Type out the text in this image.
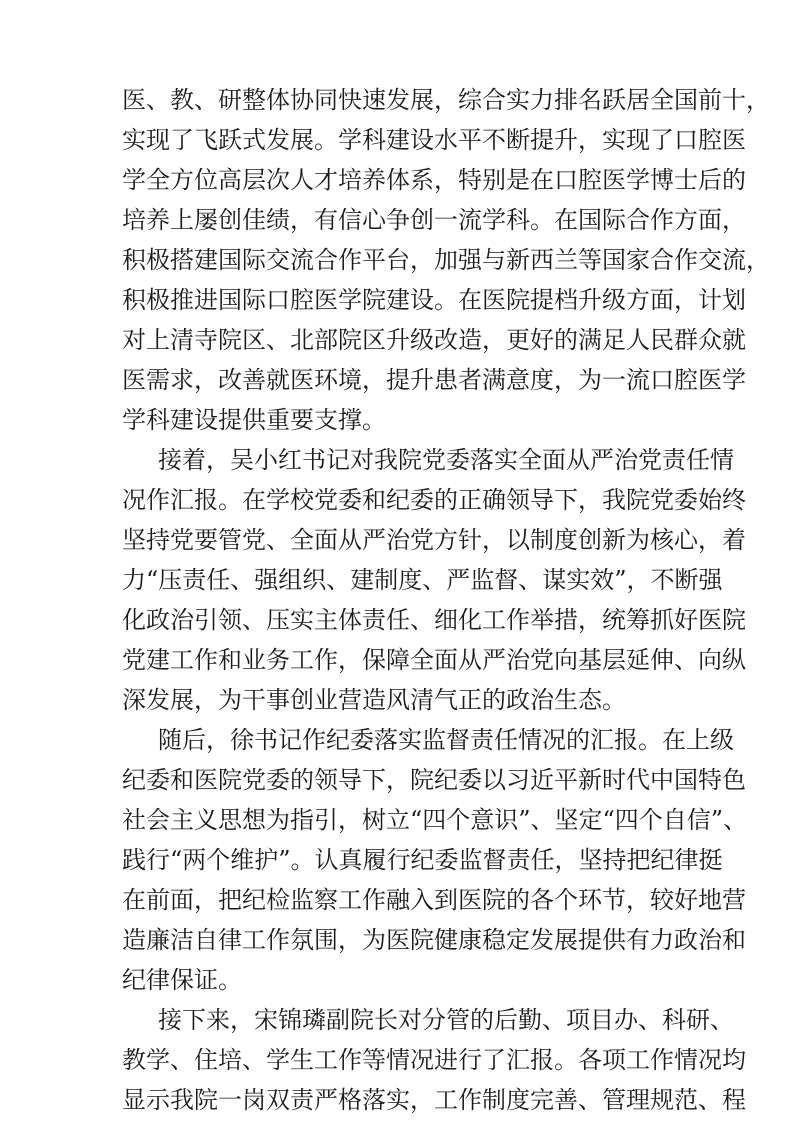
医、教、研整体协同快速发展，综合实力排名跃居全国前十，
实现了飞跃式发展。学科建设水平不断提升，实现了口腔医
学全方位高层次人才培养体系，特别是在口腔医学博士后的
培养上屡创佳绩，有信心争创一流学科。在国际合作方面，
积极搭建国际交流合作平台，加强与新西兰等国家合作交流，
积极推进国际口腔医学院建设。在医院提档升级方面，计划
对上清寺院区、北部院区升级改造，更好的满足人民群众就
医需求，改善就医环境，提升患者满意度，为一流口腔医学
学科建设提供重要支撑。
接着，吴小红书记对我院党委落实全面从严治党责任情
况作汇报。在学校党委和纪委的正确领导下，我院党委始终
坚持党要管党、全面从严治党方针，以制度创新为核心，着
力“压责任、强组织、建制度、严监督、谋实效”，不断强
化政治引领、压实主体责任、细化工作举措，统筹抓好医院
党建工作和业务工作，保障全面从严治党向基层延伸、向纵
深发展，为干事创业营造风清气正的政治生态。
随后，徐书记作纪委落实监督责任情况的汇报。在上级
纪委和医院党委的领导下，院纪委以习近平新时代中国特色
社会主义思想为指引，树立“四个意识”、坚定“四个自信”、
践行“两个维护”。认真履行纪委监督责任，坚持把纪律挺
在前面，把纪检监察工作融入到医院的各个环节，较好地营
造廉洁自律工作氛围，为医院健康稳定发展提供有力政治和
纪律保证。
接下来，宋锦璘副院长对分管的后勤、项目办、科研、
教学、住培、学生工作等情况进行了汇报。各项工作情况均
显示我院一岗双责严格落实，工作制度完善、管理规范、程
